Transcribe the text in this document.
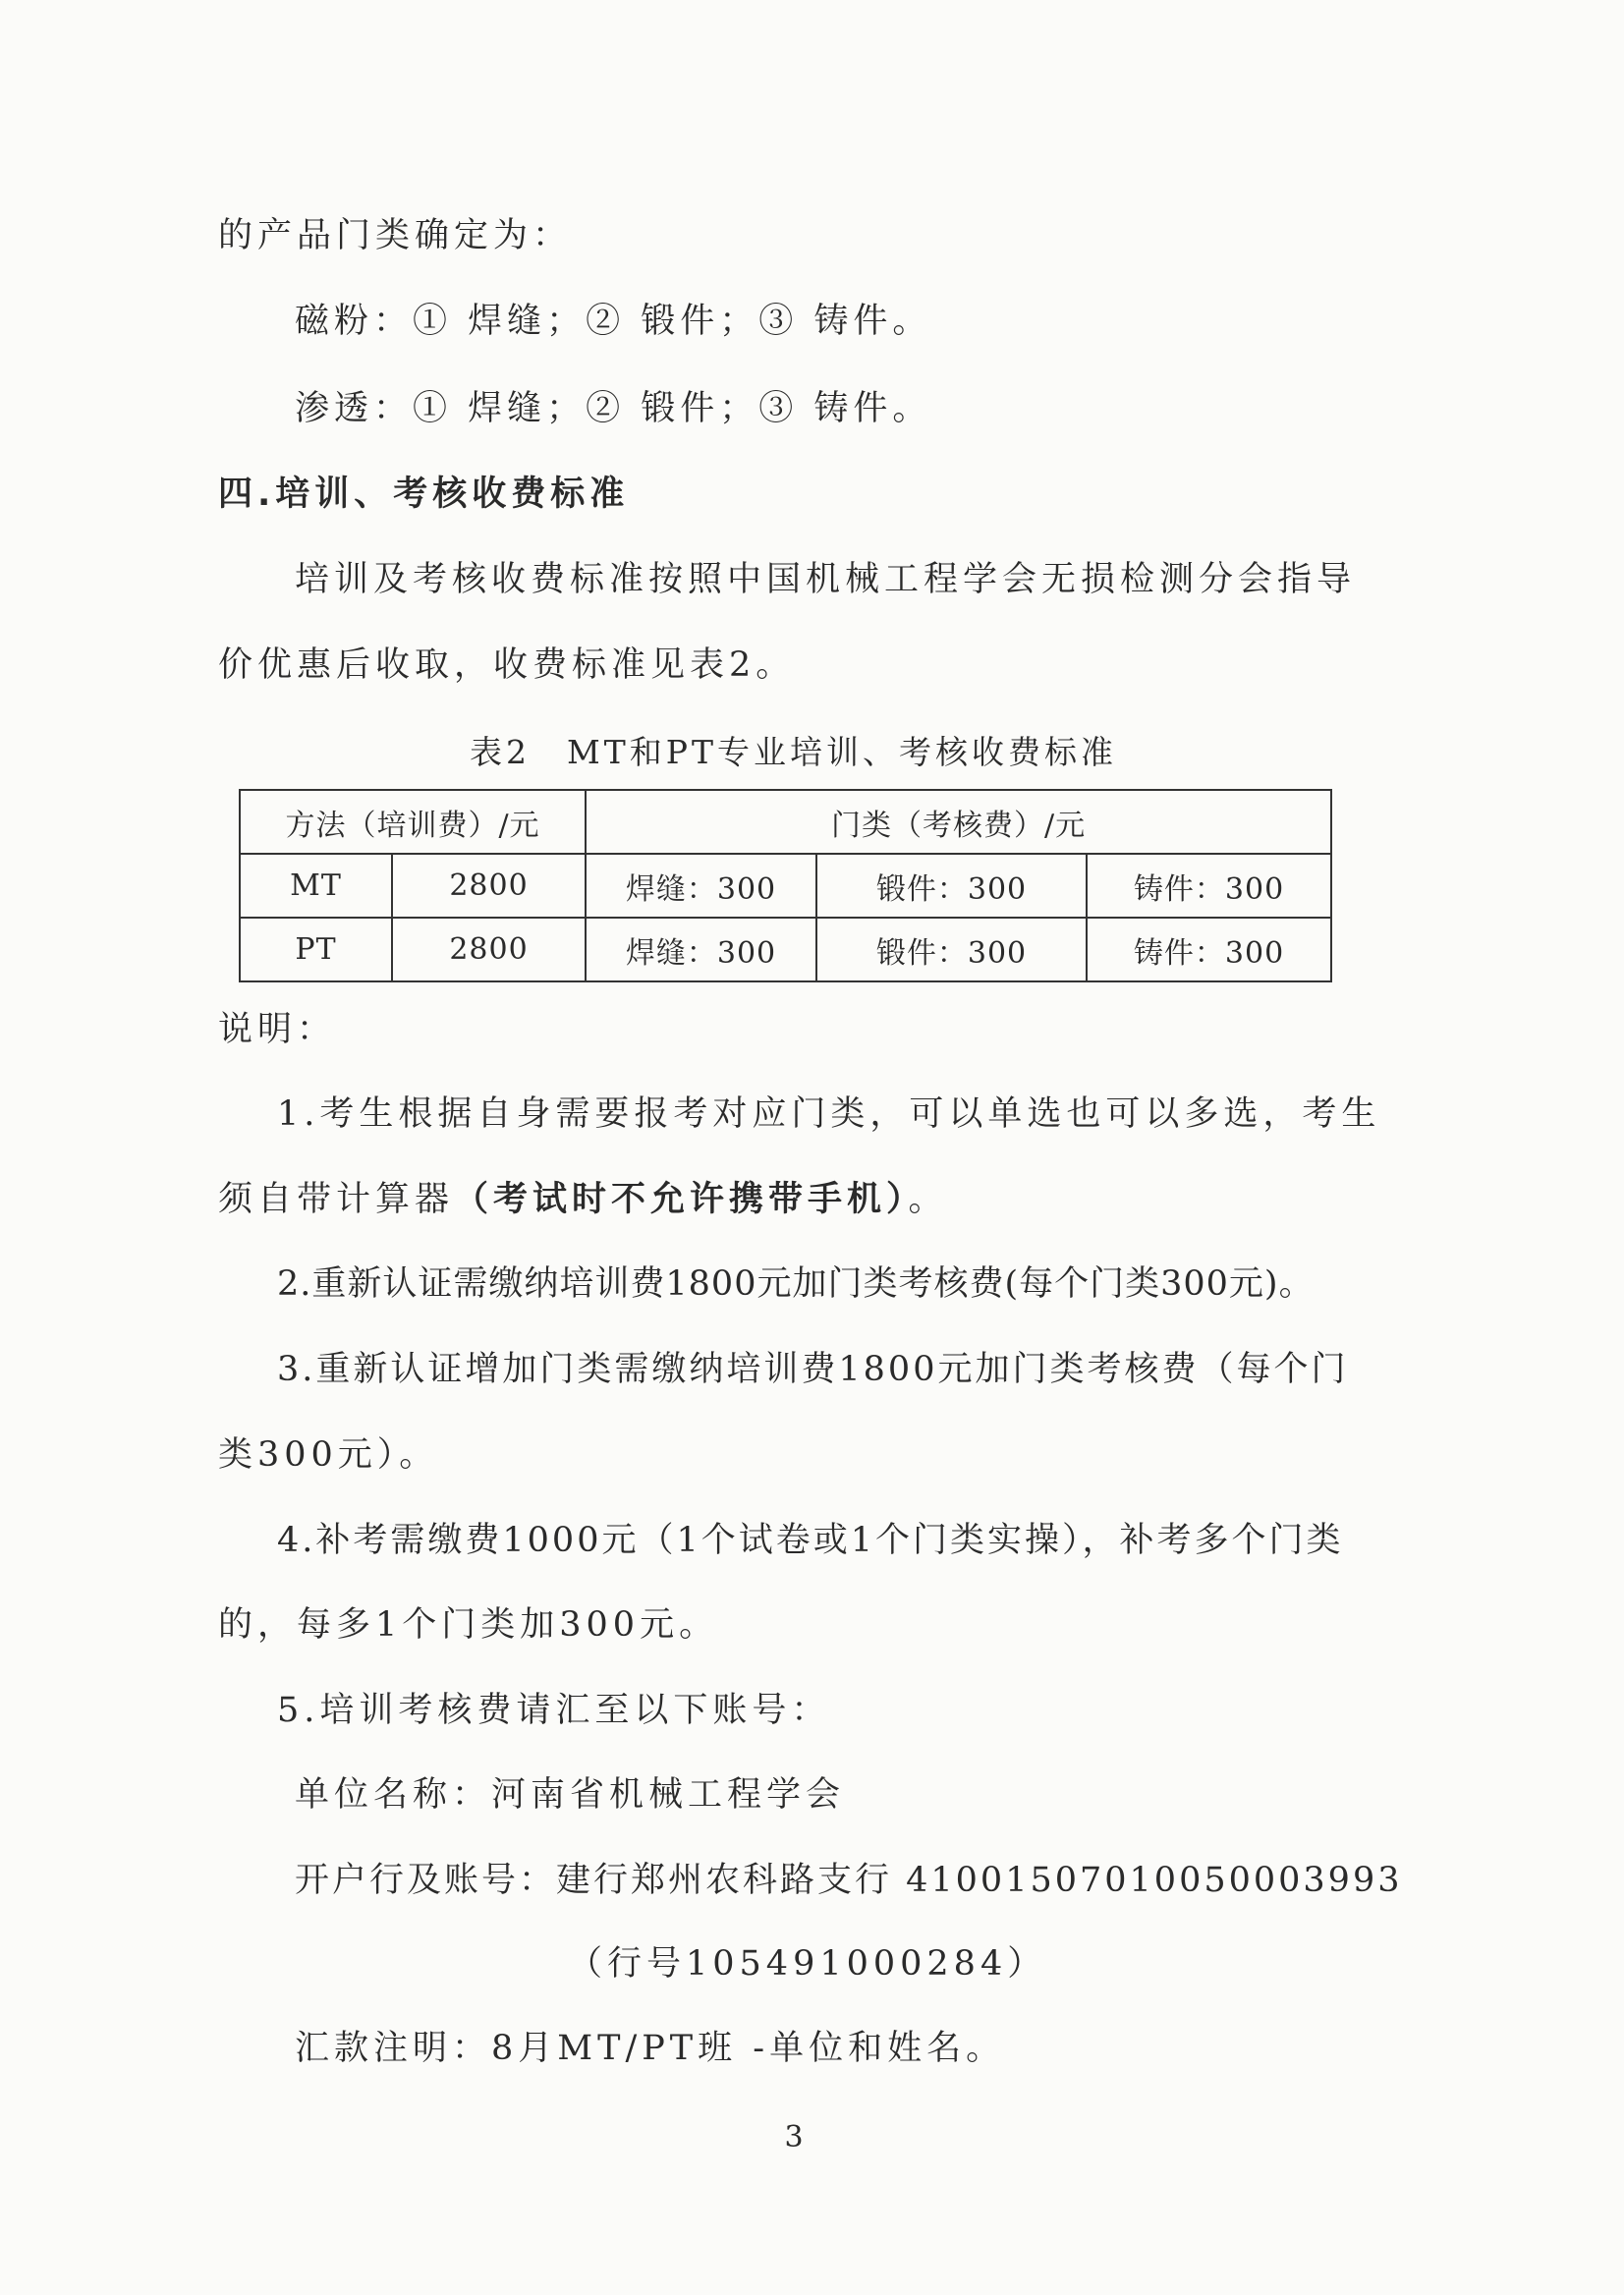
的产品门类确定为：
磁粉：① 焊缝；② 锻件；③ 铸件。
渗透：① 焊缝；② 锻件；③ 铸件。
四.培训、考核收费标准
培训及考核收费标准按照中国机械工程学会无损检测分会指导
价优惠后收取，收费标准见表2。
表2　MT和PT专业培训、考核收费标准
方法（培训费）/元		门类（考核费）/元		
MT	2800	焊缝：300	锻件：300	铸件：300
PT	2800	焊缝：300	锻件：300	铸件：300
说明：
1.考生根据自身需要报考对应门类，可以单选也可以多选，考生
须自带计算器（考试时不允许携带手机）。
2.重新认证需缴纳培训费1800元加门类考核费(每个门类300元)。
3.重新认证增加门类需缴纳培训费1800元加门类考核费（每个门
类300元）。
4.补考需缴费1000元（1个试卷或1个门类实操），补考多个门类
的，每多1个门类加300元。
5.培训考核费请汇至以下账号：
单位名称：河南省机械工程学会
开户行及账号：建行郑州农科路支行 41001507010050003993
（行号105491000284）
汇款注明：8月MT/PT班 -单位和姓名。
3
